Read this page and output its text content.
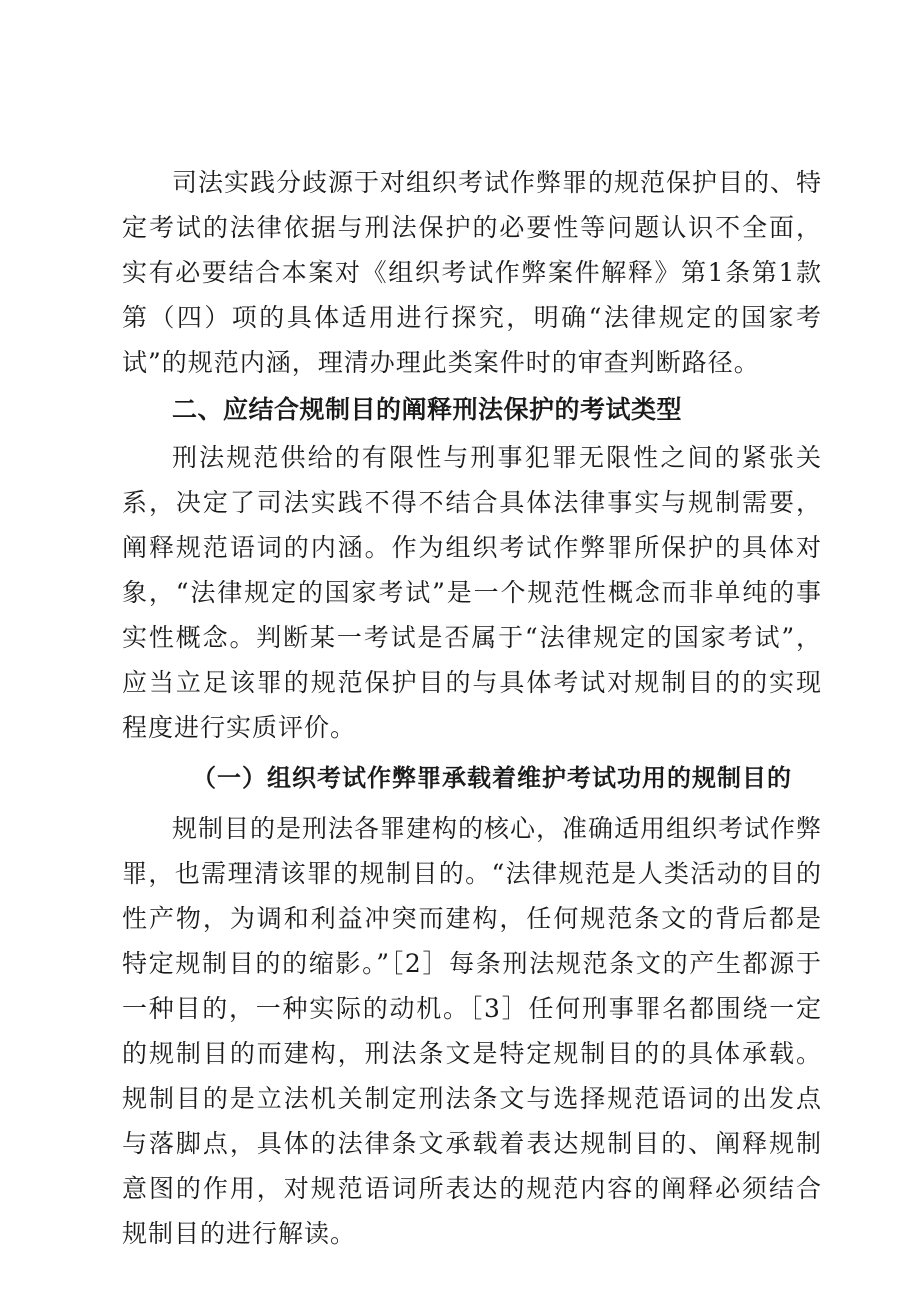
司法实践分歧源于对组织考试作弊罪的规范保护目的、特定考试的法律依据与刑法保护的必要性等问题认识不全面，实有必要结合本案对《组织考试作弊案件解释》第1条第1款第（四）项的具体适用进行探究，明确“法律规定的国家考试”的规范内涵，理清办理此类案件时的审查判断路径。

二、应结合规制目的阐释刑法保护的考试类型

刑法规范供给的有限性与刑事犯罪无限性之间的紧张关系，决定了司法实践不得不结合具体法律事实与规制需要，阐释规范语词的内涵。作为组织考试作弊罪所保护的具体对象，“法律规定的国家考试”是一个规范性概念而非单纯的事实性概念。判断某一考试是否属于“法律规定的国家考试”，应当立足该罪的规范保护目的与具体考试对规制目的的实现程度进行实质评价。

（一）组织考试作弊罪承载着维护考试功用的规制目的

规制目的是刑法各罪建构的核心，准确适用组织考试作弊罪，也需理清该罪的规制目的。“法律规范是人类活动的目的性产物，为调和利益冲突而建构，任何规范条文的背后都是特定规制目的的缩影。”［2］每条刑法规范条文的产生都源于一种目的，一种实际的动机。［3］任何刑事罪名都围绕一定的规制目的而建构，刑法条文是特定规制目的的具体承载。规制目的是立法机关制定刑法条文与选择规范语词的出发点与落脚点，具体的法律条文承载着表达规制目的、阐释规制意图的作用，对规范语词所表达的规范内容的阐释必须结合规制目的进行解读。
